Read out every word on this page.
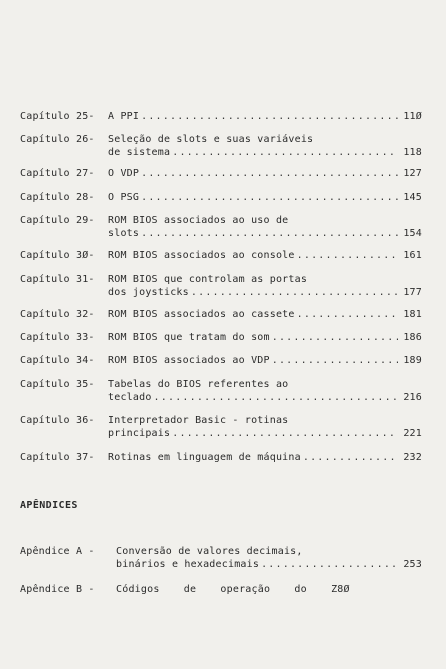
Capítulo 25- A PPI .....	11Ø
Capítulo 26- Seleção de slots e suas variáveis
de sistema .....	118
Capítulo 27- O VDP .....	127
Capítulo 28- O PSG .....	145
Capítulo 29- ROM BIOS associados ao uso de
slots .....	154
Capítulo 3Ø- ROM BIOS associados ao console .....	161
Capítulo 31- ROM BIOS que controlam as portas
dos joysticks .....	177
Capítulo 32- ROM BIOS associados ao cassete .....	181
Capítulo 33- ROM BIOS que tratam do som .....	186
Capítulo 34- ROM BIOS associados ao VDP .....	189
Capítulo 35- Tabelas do BIOS referentes ao
teclado .....	216
Capítulo 36- Interpretador Basic - rotinas
principais .....	221
Capítulo 37- Rotinas em linguagem de máquina .....	232
APÊNDICES
Apêndice A - Conversão de valores decimais,
binários e hexadecimais .....	253
Apêndice B - Códigos de operação do Z8Ø
